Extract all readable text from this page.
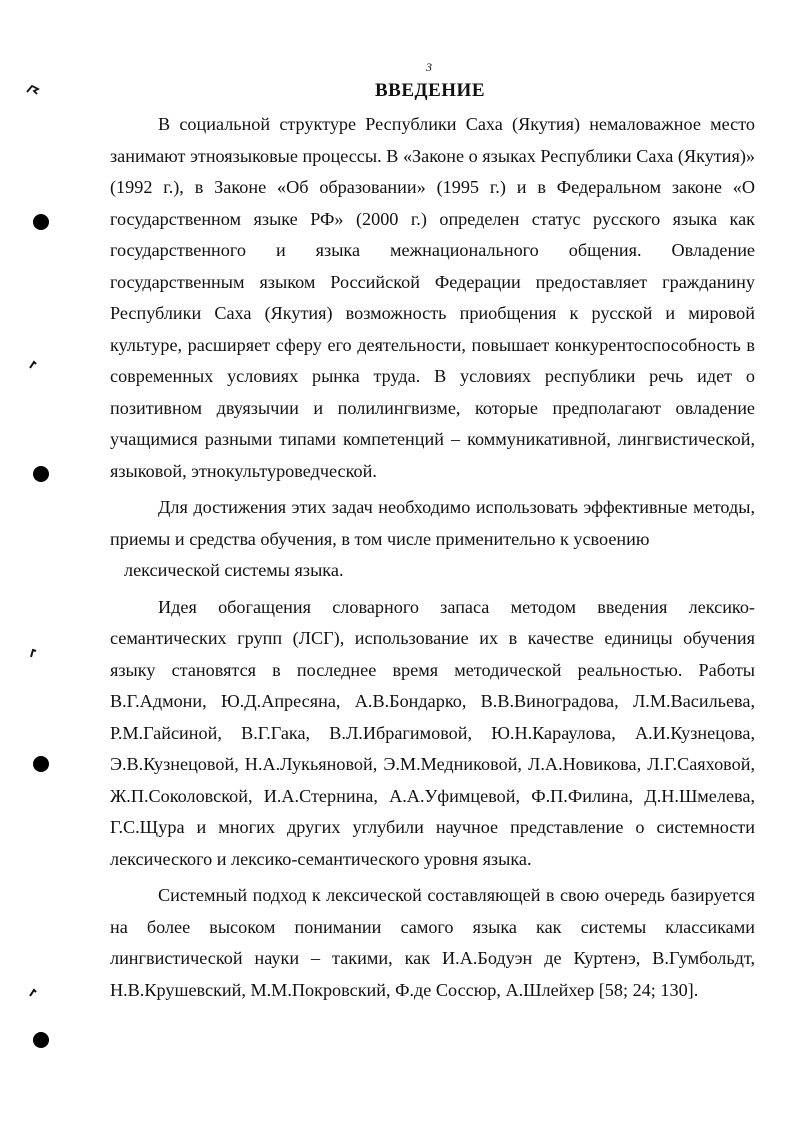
3
ВВЕДЕНИЕ

В социальной структуре Республики Саха (Якутия) немаловажное место занимают этноязыковые процессы. В «Законе о языках Республики Саха (Якутия)» (1992 г.), в Законе «Об образовании» (1995 г.) и в Федеральном законе «О государственном языке РФ» (2000 г.) определен статус русского языка как государственного и языка межнационального общения. Овладение государственным языком Российской Федерации предоставляет гражданину Республики Саха (Якутия) возможность приобщения к русской и мировой культуре, расширяет сферу его деятельности, повышает конкурентоспособность в современных условиях рынка труда. В условиях республики речь идет о позитивном двуязычии и полилингвизме, которые предполагают овладение учащимися разными типами компетенций – коммуникативной, лингвистической, языковой, этнокультуроведческой.

Для достижения этих задач необходимо использовать эффективные методы, приемы и средства обучения, в том числе применительно к усвоению

лексической системы языка.

Идея обогащения словарного запаса методом введения лексико-семантических групп (ЛСГ), использование их в качестве единицы обучения языку становятся в последнее время методической реальностью. Работы В.Г.Адмони, Ю.Д.Апресяна, А.В.Бондарко, В.В.Виноградова, Л.М.Васильева, Р.М.Гайсиной, В.Г.Гака, В.Л.Ибрагимовой, Ю.Н.Караулова, А.И.Кузнецова, Э.В.Кузнецовой, Н.А.Лукьяновой, Э.М.Медниковой, Л.А.Новикова, Л.Г.Саяховой, Ж.П.Соколовской, И.А.Стернина, А.А.Уфимцевой, Ф.П.Филина, Д.Н.Шмелева, Г.С.Щура и многих других углубили научное представление о системности лексического и лексико-семантического уровня языка.

Системный подход к лексической составляющей в свою очередь базируется на более высоком понимании самого языка как системы классиками лингвистической науки – такими, как И.А.Бодуэн де Куртенэ, В.Гумбольдт, Н.В.Крушевский, М.М.Покровский, Ф.де Соссюр, А.Шлейхер [58; 24; 130].
